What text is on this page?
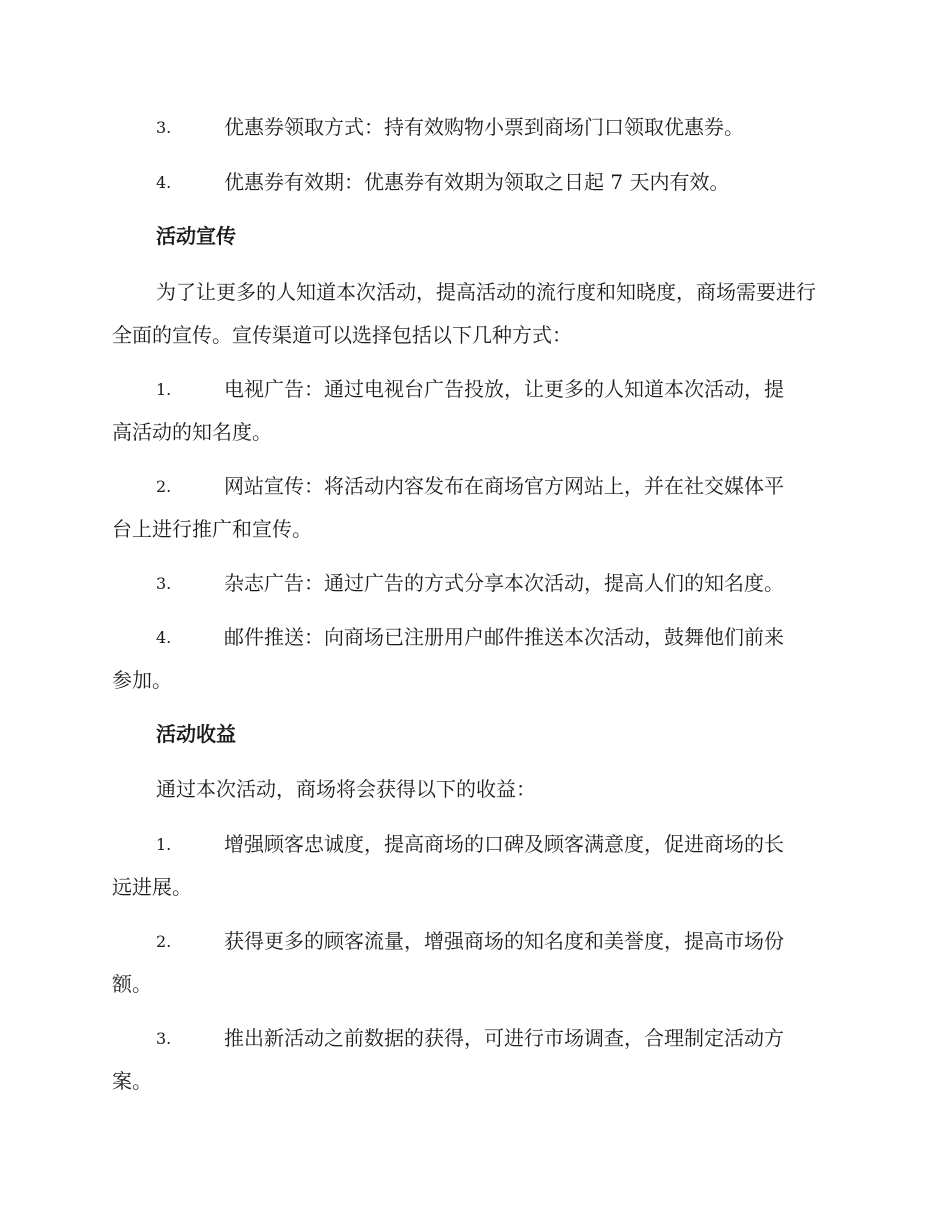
3.	优惠券领取方式：持有效购物小票到商场门口领取优惠券。
4.	优惠券有效期：优惠券有效期为领取之日起 7 天内有效。
活动宣传

为了让更多的人知道本次活动，提高活动的流行度和知晓度，商场需要进行全面的宣传。宣传渠道可以选择包括以下几种方式：

1.	电视广告：通过电视台广告投放，让更多的人知道本次活动，提
高活动的知名度。
2.	网站宣传：将活动内容发布在商场官方网站上，并在社交媒体平
台上进行推广和宣传。
3.	杂志广告：通过广告的方式分享本次活动，提高人们的知名度。
4.	邮件推送：向商场已注册用户邮件推送本次活动，鼓舞他们前来
参加。
活动收益

通过本次活动，商场将会获得以下的收益：

1.	增强顾客忠诚度，提高商场的口碑及顾客满意度，促进商场的长
远进展。
2.	获得更多的顾客流量，增强商场的知名度和美誉度，提高市场份
额。
3.	推出新活动之前数据的获得，可进行市场调查，合理制定活动方
案。
